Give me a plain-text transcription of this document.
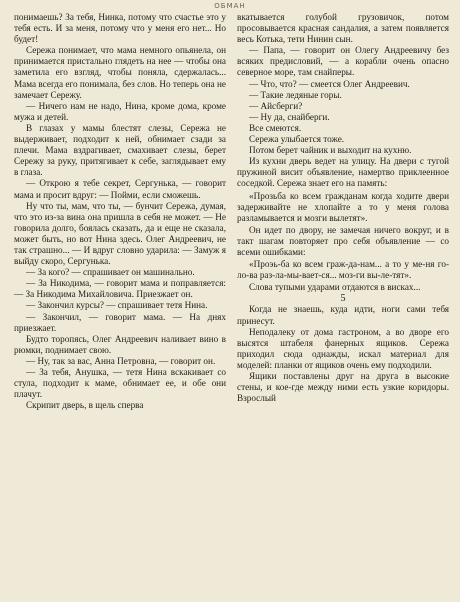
ОБМАН

понимаешь? За тебя, Нинка, потому что счастье это у тебя есть. И за меня, потому что у меня его нет... Но будет!

Сережа понимает, что мама немного опьянела, он принимается пристально глядеть на нее — чтобы она заметила его взгляд, чтобы поняла, сдержалась... Мама всегда его понимала, без слов. Но теперь она не замечает Сережу.

— Ничего нам не надо, Нина, кроме дома, кроме мужа и детей.

В глазах у мамы блестят слезы, Сережа не выдерживает, подходит к ней, обнимает сзади за плечи. Мама вздрагивает, смахивает слезы, берет Сережу за руку, притягивает к себе, заглядывает ему в глаза.

— Открою я тебе секрет, Сергунька, — говорит мама и просит вдруг: — Пойми, если сможешь.

Ну что ты, мам, что ты, — бунчит Сережа, думая, что это из-за вина она пришла в себя не может. — Не говорила долго, боялась сказать, да и еще не сказала, может быть, но вот Нина здесь. Олег Андреевич, не так страшно... — И вдруг словно ударила: — Замуж я выйду скоро, Сергунька.

— За кого? — спрашивает он машинально.

— За Никодима, — говорит мама и поправляется: — За Никодима Михайловича. Приезжает он.

— Закончил курсы? — спрашивает тетя Нина.

— Закончил, — говорит мама. — На днях приезжает.

Будто торопясь, Олег Андреевич наливает вино в рюмки, поднимает свою.

— Ну, так за вас, Анна Петровна, — говорит он.

— За тебя, Анушка, — тетя Нина вскакивает со стула, подходит к маме, обнимает ее, и обе они плачут.

Скрипит дверь, в щель сперва

вкатывается голубой грузовичок, потом просовывается красная сандалия, а затем появляется весь Котька, тети Нинин сын.

— Папа, — говорит он Олегу Андреевичу без всяких предисловий, — а корабли очень опасно северное море, там снайперы.

— Что, что? — смеется Олег Андреевич.

— Такие ледяные горы.

— Айсберги?

— Ну да, снайберги.

Все смеются.

Сережа улыбается тоже.

Потом берет чайник и выходит на кухню.

Из кухни дверь ведет на улицу. На двери с тугой пружиной висит объявление, намертво приклеенное соседкой. Сережа знает его на память:

«Прозьба ко всем гражданам когда ходите двери задерживайте не хлопайте а то у меня голова разламывается и мозги вылетят».

Он идет по двору, не замечая ничего вокруг, и в такт шагам повторяет про себя объявление — со всеми ошибками:

«Проэь-ба ко всем граж-да-нам... а то у ме-ня го-ло-ва раз-ла-мы-вает-ся... моз-ги вы-ле-тят».

Слова тупыми ударами отдаются в висках...

5

Когда не знаешь, куда идти, ноги сами тебя принесут.

Неподалеку от дома гастроном, а во дворе его высятся штабеля фанерных ящиков. Сережа приходил сюда однажды, искал материал для моделей: планки от ящиков очень ему подходили.

Ящики поставлены друг на друга в высокие стены, и кое-где между ними есть узкие коридоры. Взрослый
